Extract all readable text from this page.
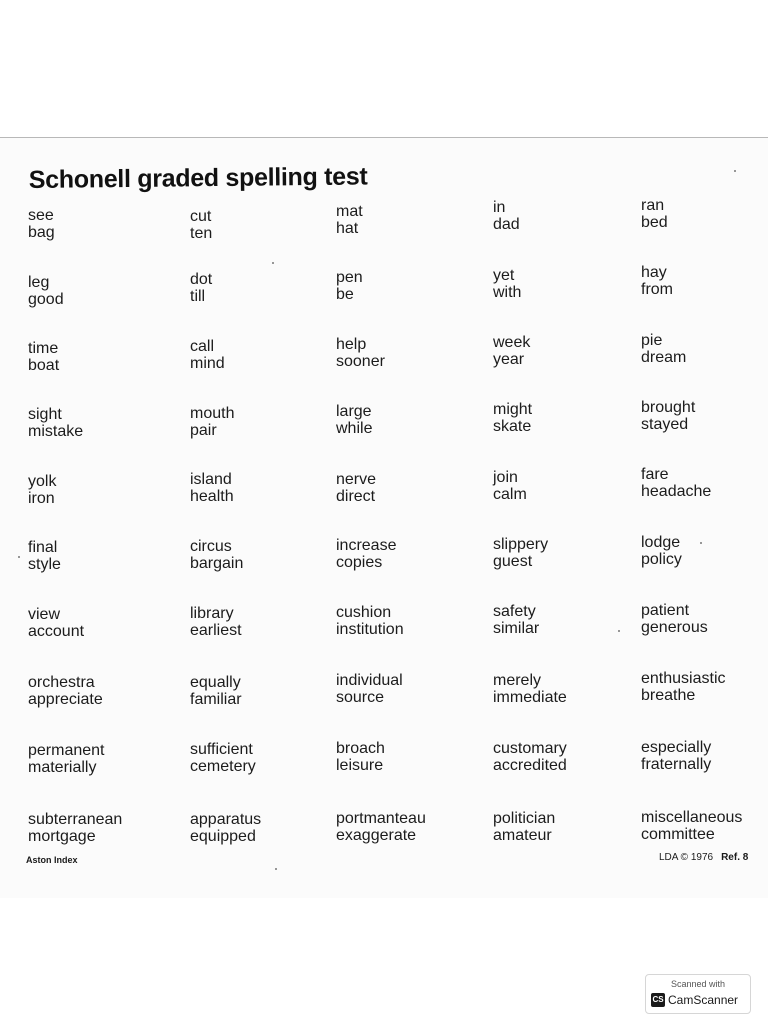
Schonell graded spelling test
see
bag
leg
good
time
boat
sight
mistake
yolk
iron
final
style
view
account
orchestra
appreciate
permanent
materially
subterranean
mortgage
cut
ten
dot
till
call
mind
mouth
pair
island
health
circus
bargain
library
earliest
equally
familiar
sufficient
cemetery
apparatus
equipped
mat
hat
pen
be
help
sooner
large
while
nerve
direct
increase
copies
cushion
institution
individual
source
broach
leisure
portmanteau
exaggerate
in
dad
yet
with
week
year
might
skate
join
calm
slippery
guest
safety
similar
merely
immediate
customary
accredited
politician
amateur
ran
bed
hay
from
pie
dream
brought
stayed
fare
headache
lodge
policy
patient
generous
enthusiastic
breathe
especially
fraternally
miscellaneous
committee
Aston Index	LDA © 1976 Ref. 8
Scanned with
CS CamScanner
